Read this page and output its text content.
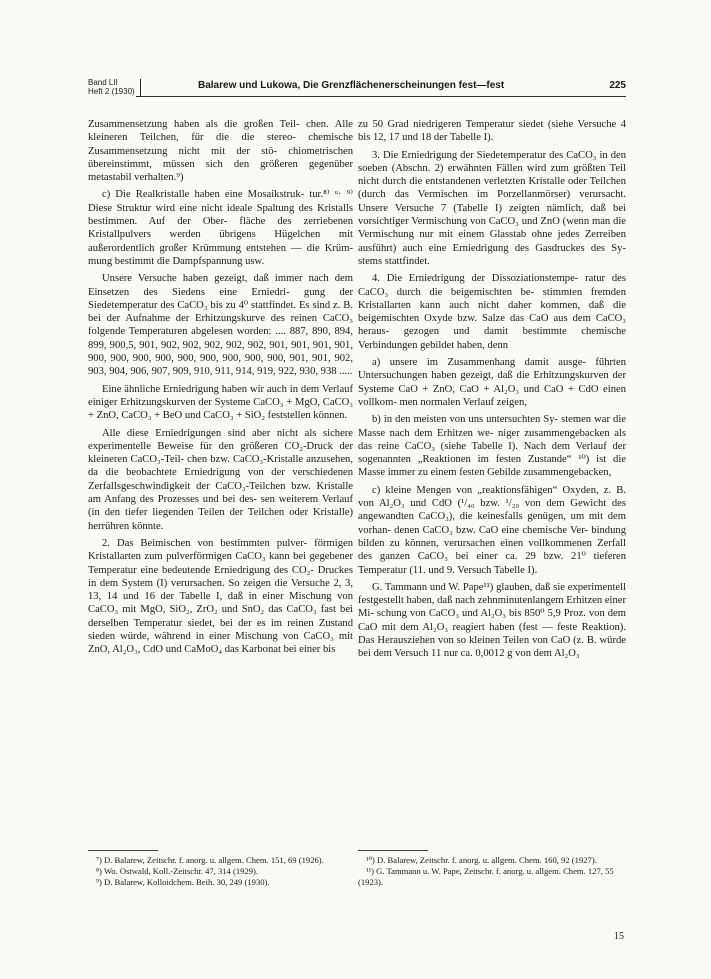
Band LII
Heft 2 (1930)
Balarew und Lukowa, Die Grenzflächenerscheinungen fest—fest	225

Zusammensetzung haben als die großen Teil- chen. Alle kleineren Teilchen, für die die stereo- chemische Zusammensetzung nicht mit der stö- chiometrischen übereinstimmt, müssen sich den größeren gegenüber metastabil verhalten.⁹)

c) Die Realkristalle haben eine Mosaikstruk- tur.⁸⁾ ᵘ· ⁹⁾ Diese Struktur wird eine nicht ideale Spaltung des Kristalls bestimmen. Auf der Ober- fläche des zerriebenen Kristallpulvers werden übrigens Hügelchen mit außerordentlich großer Krümmung entstehen — die Krüm- mung bestimmt die Dampfspannung usw.

Unsere Versuche haben gezeigt, daß immer nach dem Einsetzen des Siedens eine Erniedri- gung der Siedetemperatur des CaCO₃ bis zu 4⁰ stattfindet. Es sind z. B. bei der Aufnahme der Erhitzungskurve des reinen CaCO₃ folgende Temperaturen abgelesen worden: .... 887, 890, 894, 899, 900,5, 901, 902, 902, 902, 902, 902, 901, 901, 901, 901, 900, 900, 900, 900, 900, 900, 900, 900, 900, 901, 901, 902, 903, 904, 906, 907, 909, 910, 911, 914, 919, 922, 930, 938 .....

Eine ähnliche Erniedrigung haben wir auch in dem Verlauf einiger Erhitzungskurven der Systeme CaCO₃ + MgO, CaCO₃ + ZnO, CaCO₃ + BeO und CaCO₃ + SiO₂ feststellen können.

Alle diese Erniedrigungen sind aber nicht als sichere experimentelle Beweise für den größeren CO₂-Druck der kleineren CaCO₃-Teil- chen bzw. CaCO₃-Kristalle anzusehen, da die beobachtete Erniedrigung von der verschiedenen Zerfallsgeschwindigkeit der CaCO₃-Teilchen bzw. Kristalle am Anfang des Prozesses und bei des- sen weiterem Verlauf (in den tiefer liegenden Teilen der Teilchen oder Kristalle) herrühren könnte.

2. Das Beimischen von bestimmten pulver- förmigen Kristallarten zum pulverförmigen CaCO₃ kann bei gegebener Temperatur eine bedeutende Erniedrigung des CO₂- Druckes in dem System (I) verursachen. So zeigen die Versuche 2, 3, 13, 14 und 16 der Tabelle I, daß in einer Mischung von CaCO₃ mit MgO, SiO₂, ZrO₂ und SnO₂ das CaCO₃ fast bei derselben Temperatur siedet, bei der es im reinen Zustand sieden würde, während in einer Mischung von CaCO₃ mit ZnO, Al₂O₃, CdO und CaMoO₄ das Karbonat bei einer bis

zu 50 Grad niedrigeren Temperatur siedet (siehe Versuche 4 bis 12, 17 und 18 der Tabelle I).

3. Die Erniedrigung der Siedetemperatur des CaCO₃ in den soeben (Abschn. 2) erwähnten Fällen wird zum größten Teil nicht durch die entstandenen verletzten Kristalle oder Teilchen (durch das Vermischen im Porzellanmörser) verursacht. Unsere Versuche 7 (Tabelle I) zeigten nämlich, daß bei vorsichtiger Vermischung von CaCO₃ und ZnO (wenn man die Vermischung nur mit einem Glasstab ohne jedes Zerreiben ausführt) auch eine Erniedrigung des Gasdruckes des Sy- stems stattfindet.

4. Die Erniedrigung der Dissoziationstempe- ratur des CaCO₃ durch die beigemischten be- stimmten fremden Kristallarten kann auch nicht daher kommen, daß die beigemischten Oxyde bzw. Salze das CaO aus dem CaCO₃ heraus- gezogen und damit bestimmte chemische Verbindungen gebildet haben, denn

a) unsere im Zusammenhang damit ausge- führten Untersuchungen haben gezeigt, daß die Erhitzungskurven der Systeme CaO + ZnO, CaO + Al₂O₃ und CaO + CdO einen vollkom- men normalen Verlauf zeigen,

b) in den meisten von uns untersuchten Sy- stemen war die Masse nach dem Erhitzen we- niger zusammengebacken als das reine CaCO₃ (siehe Tabelle I). Nach dem Verlauf der sogenannten „Reaktionen im festen Zustande“ ¹⁰) ist die Masse immer zu einem festen Gebilde zusammengebacken,

c) kleine Mengen von „reaktionsfähigen“ Oxyden, z. B. von Al₂O₃ und CdO (¹/₄₀ bzw. ¹/₂₀ von dem Gewicht des angewandten CaCO₃), die keinesfalls genügen, um mit dem vorhan- denen CaCO₃ bzw. CaO eine chemische Ver- bindung bilden zu können, verursachen einen vollkommenen Zerfall des ganzen CaCO₃ bei einer ca. 29 bzw. 21⁰ tieferen Temperatur (11. und 9. Versuch Tabelle I).

G. Tammann und W. Pape¹¹) glauben, daß sie experimentell festgestellt haben, daß nach zehnminutenlangem Erhitzen einer Mi- schung von CaCO₃ und Al₂O₃ bis 850⁰ 5,9 Proz. von dem CaO mit dem Al₂O₃ reagiert haben (fest — feste Reaktion). Das Herausziehen von so kleinen Teilen von CaO (z. B. würde bei dem Versuch 11 nur ca. 0,0012 g von dem Al₂O₃

⁷) D. Balarew, Zeitschr. f. anorg. u. allgem. Chem. 151, 69 (1926).
⁸) Wo. Ostwald, Koll.-Zeitschr. 47, 314 (1929).
⁹) D. Balarew, Kolloidchem. Beih. 30, 249 (1930).
¹⁰) D. Balarew, Zeitschr. f. anorg. u. allgem. Chem. 160, 92 (1927).
¹¹) G. Tammann u. W. Pape, Zeitschr. f. anorg. u. allgem. Chem. 127, 55 (1923).
15
